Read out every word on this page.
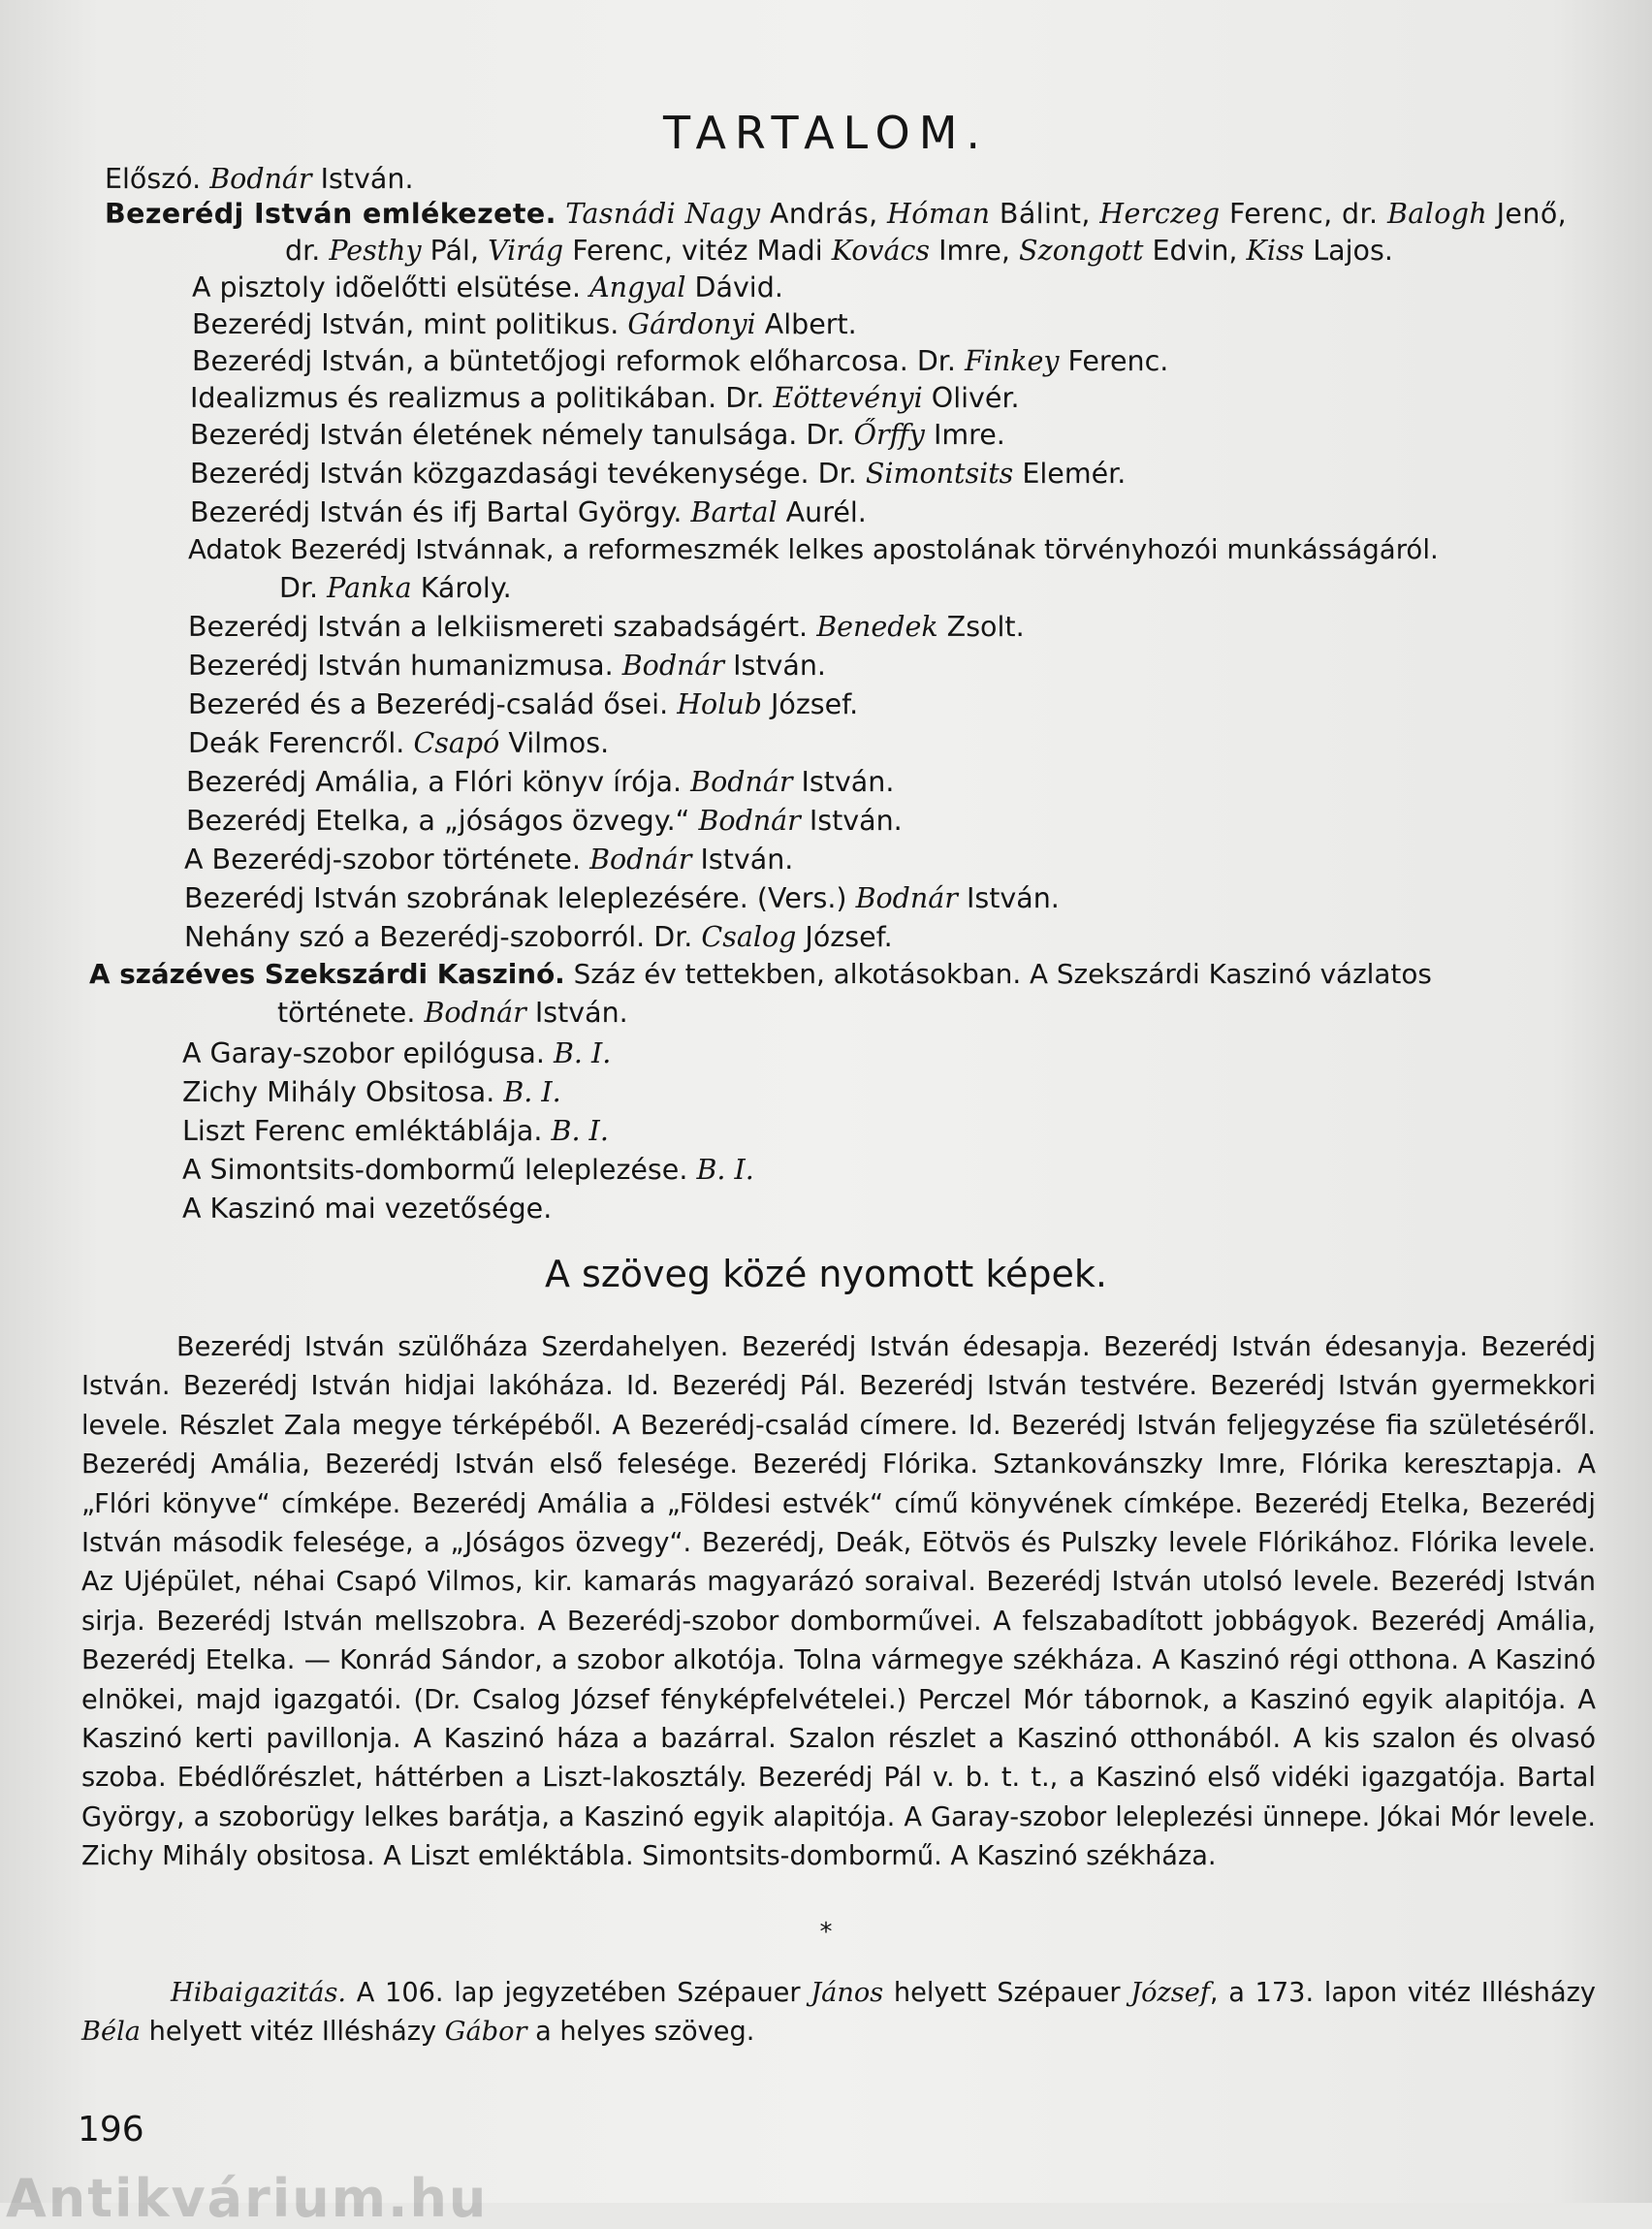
TARTALOM.
Előszó. Bodnár István.
Bezerédj István emlékezete. Tasnádi Nagy András, Hóman Bálint, Herczeg Ferenc, dr. Balogh Jenő,
dr. Pesthy Pál, Virág Ferenc, vitéz Madi Kovács Imre, Szongott Edvin, Kiss Lajos.
A pisztoly idõelőtti elsütése. Angyal Dávid.
Bezerédj István, mint politikus. Gárdonyi Albert.
Bezerédj István, a büntetőjogi reformok előharcosa. Dr. Finkey Ferenc.
Idealizmus és realizmus a politikában. Dr. Eöttevényi Olivér.
Bezerédj István életének némely tanulsága. Dr. Őrffy Imre.
Bezerédj István közgazdasági tevékenysége. Dr. Simontsits Elemér.
Bezerédj István és ifj Bartal György. Bartal Aurél.
Adatok Bezerédj Istvánnak, a reformeszmék lelkes apostolának törvényhozói munkásságáról.
Dr. Panka Károly.
Bezerédj István a lelkiismereti szabadságért. Benedek Zsolt.
Bezerédj István humanizmusa. Bodnár István.
Bezeréd és a Bezerédj-család ősei. Holub József.
Deák Ferencről. Csapó Vilmos.
Bezerédj Amália, a Flóri könyv írója. Bodnár István.
Bezerédj Etelka, a „jóságos özvegy.“ Bodnár István.
A Bezerédj-szobor története. Bodnár István.
Bezerédj István szobrának leleplezésére. (Vers.) Bodnár István.
Nehány szó a Bezerédj-szoborról. Dr. Csalog József.
A százéves Szekszárdi Kaszinó. Száz év tettekben, alkotásokban. A Szekszárdi Kaszinó vázlatos
története. Bodnár István.
A Garay-szobor epilógusa. B. I.
Zichy Mihály Obsitosa. B. I.
Liszt Ferenc emléktáblája. B. I.
A Simontsits-dombormű leleplezése. B. I.
A Kaszinó mai vezetősége.
A szöveg közé nyomott képek.
Bezerédj István szülőháza Szerdahelyen. Bezerédj István édesapja. Bezerédj István édesanyja. Bezerédj István. Bezerédj István hidjai lakóháza. Id. Bezerédj Pál. Bezerédj István testvére. Bezerédj István gyermekkori levele. Részlet Zala megye térképéből. A Bezerédj-család címere. Id. Bezerédj István feljegyzése fia születéséről. Bezerédj Amália, Bezerédj István első felesége. Bezerédj Flórika. Sztankovánszky Imre, Flórika keresztapja. A „Flóri könyve“ címképe. Bezerédj Amália a „Földesi estvék“ című könyvének címképe. Bezerédj Etelka, Bezerédj István második felesége, a „Jóságos özvegy“. Bezerédj, Deák, Eötvös és Pulszky levele Flórikához. Flórika levele. Az Ujépület, néhai Csapó Vilmos, kir. kamarás magyarázó soraival. Bezerédj István utolsó levele. Bezerédj István sirja. Bezerédj István mellszobra. A Bezerédj-szobor domborművei. A felszabadított jobbágyok. Bezerédj Amália, Bezerédj Etelka. — Konrád Sándor, a szobor alkotója. Tolna vármegye székháza. A Kaszinó régi otthona. A Kaszinó elnökei, majd igazgatói. (Dr. Csalog József fényképfelvételei.) Perczel Mór tábornok, a Kaszinó egyik alapitója. A Kaszinó kerti pavillonja. A Kaszinó háza a bazárral. Szalon részlet a Kaszinó otthonából. A kis szalon és olvasó szoba. Ebédlőrészlet, háttérben a Liszt-lakosztály. Bezerédj Pál v. b. t. t., a Kaszinó első vidéki igazgatója. Bartal György, a szoborügy lelkes barátja, a Kaszinó egyik alapitója. A Garay-szobor leleplezési ünnepe. Jókai Mór levele. Zichy Mihály obsitosa. A Liszt emléktábla. Simontsits-dombormű. A Kaszinó székháza.
*
Hibaigazitás. A 106. lap jegyzetében Szépauer János helyett Szépauer József, a 173. lapon vitéz Illésházy Béla helyett vitéz Illésházy Gábor a helyes szöveg.
196
Antikvárium.hu
